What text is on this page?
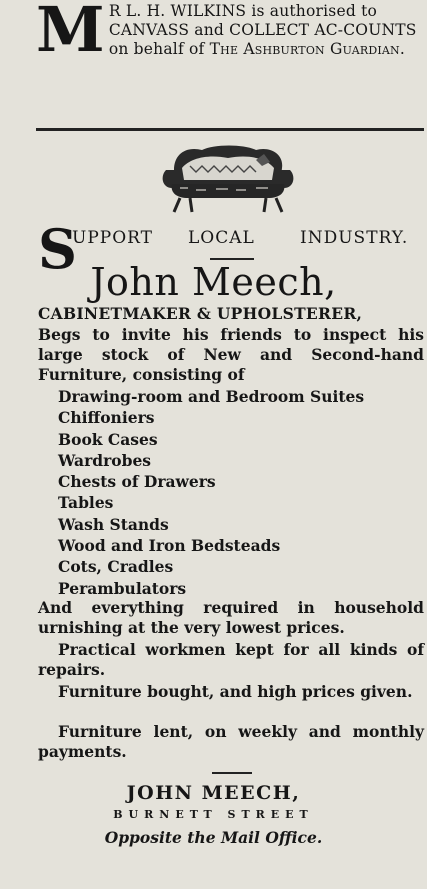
M R L. H. WILKINS is authorised to CANVASS and COLLECT AC-COUNTS on behalf of The Ashburton Guardian.
S
UPPORT LOCAL	INDUSTRY.
John Meech,
CABINETMAKER & UPHOLSTERER,
Begs to invite his friends to inspect his large stock of New and Second-hand Furniture, consisting of
Drawing-room and Bedroom Suites
Chiffoniers
Book Cases
Wardrobes
Chests of Drawers
Tables
Wash Stands
Wood and Iron Bedsteads
Cots, Cradles
Perambulators
And everything required in household urnishing at the very lowest prices.
Practical workmen kept for all kinds of repairs.
Furniture bought, and high prices given.
Furniture lent, on weekly and monthly payments.
JOHN MEECH,
BURNETT STREET
Opposite the Mail Office.
